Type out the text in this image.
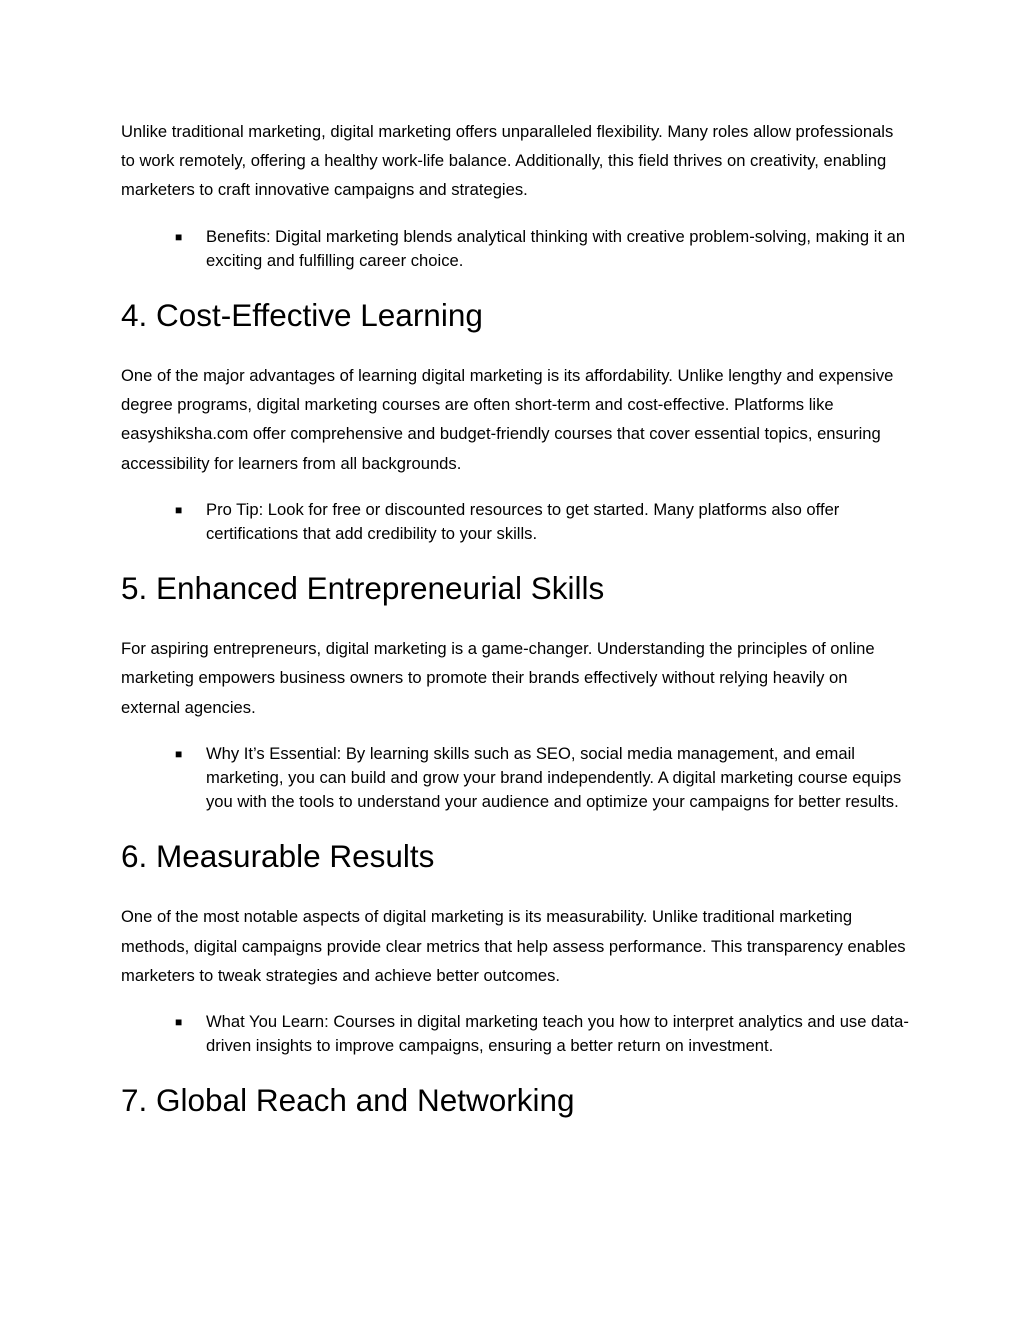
Unlike traditional marketing, digital marketing offers unparalleled flexibility. Many roles allow professionals to work remotely, offering a healthy work-life balance. Additionally, this field thrives on creativity, enabling marketers to craft innovative campaigns and strategies.

■ Benefits: Digital marketing blends analytical thinking with creative problem-solving, making it an exciting and fulfilling career choice.
4. Cost-Effective Learning

One of the major advantages of learning digital marketing is its affordability. Unlike lengthy and expensive degree programs, digital marketing courses are often short-term and cost-effective. Platforms like easyshiksha.com offer comprehensive and budget-friendly courses that cover essential topics, ensuring accessibility for learners from all backgrounds.

■ Pro Tip: Look for free or discounted resources to get started. Many platforms also offer certifications that add credibility to your skills.
5. Enhanced Entrepreneurial Skills

For aspiring entrepreneurs, digital marketing is a game-changer. Understanding the principles of online marketing empowers business owners to promote their brands effectively without relying heavily on external agencies.

■ Why It’s Essential: By learning skills such as SEO, social media management, and email marketing, you can build and grow your brand independently. A digital marketing course equips you with the tools to understand your audience and optimize your campaigns for better results.
6. Measurable Results

One of the most notable aspects of digital marketing is its measurability. Unlike traditional marketing methods, digital campaigns provide clear metrics that help assess performance. This transparency enables marketers to tweak strategies and achieve better outcomes.

■ What You Learn: Courses in digital marketing teach you how to interpret analytics and use data-driven insights to improve campaigns, ensuring a better return on investment.
7. Global Reach and Networking
